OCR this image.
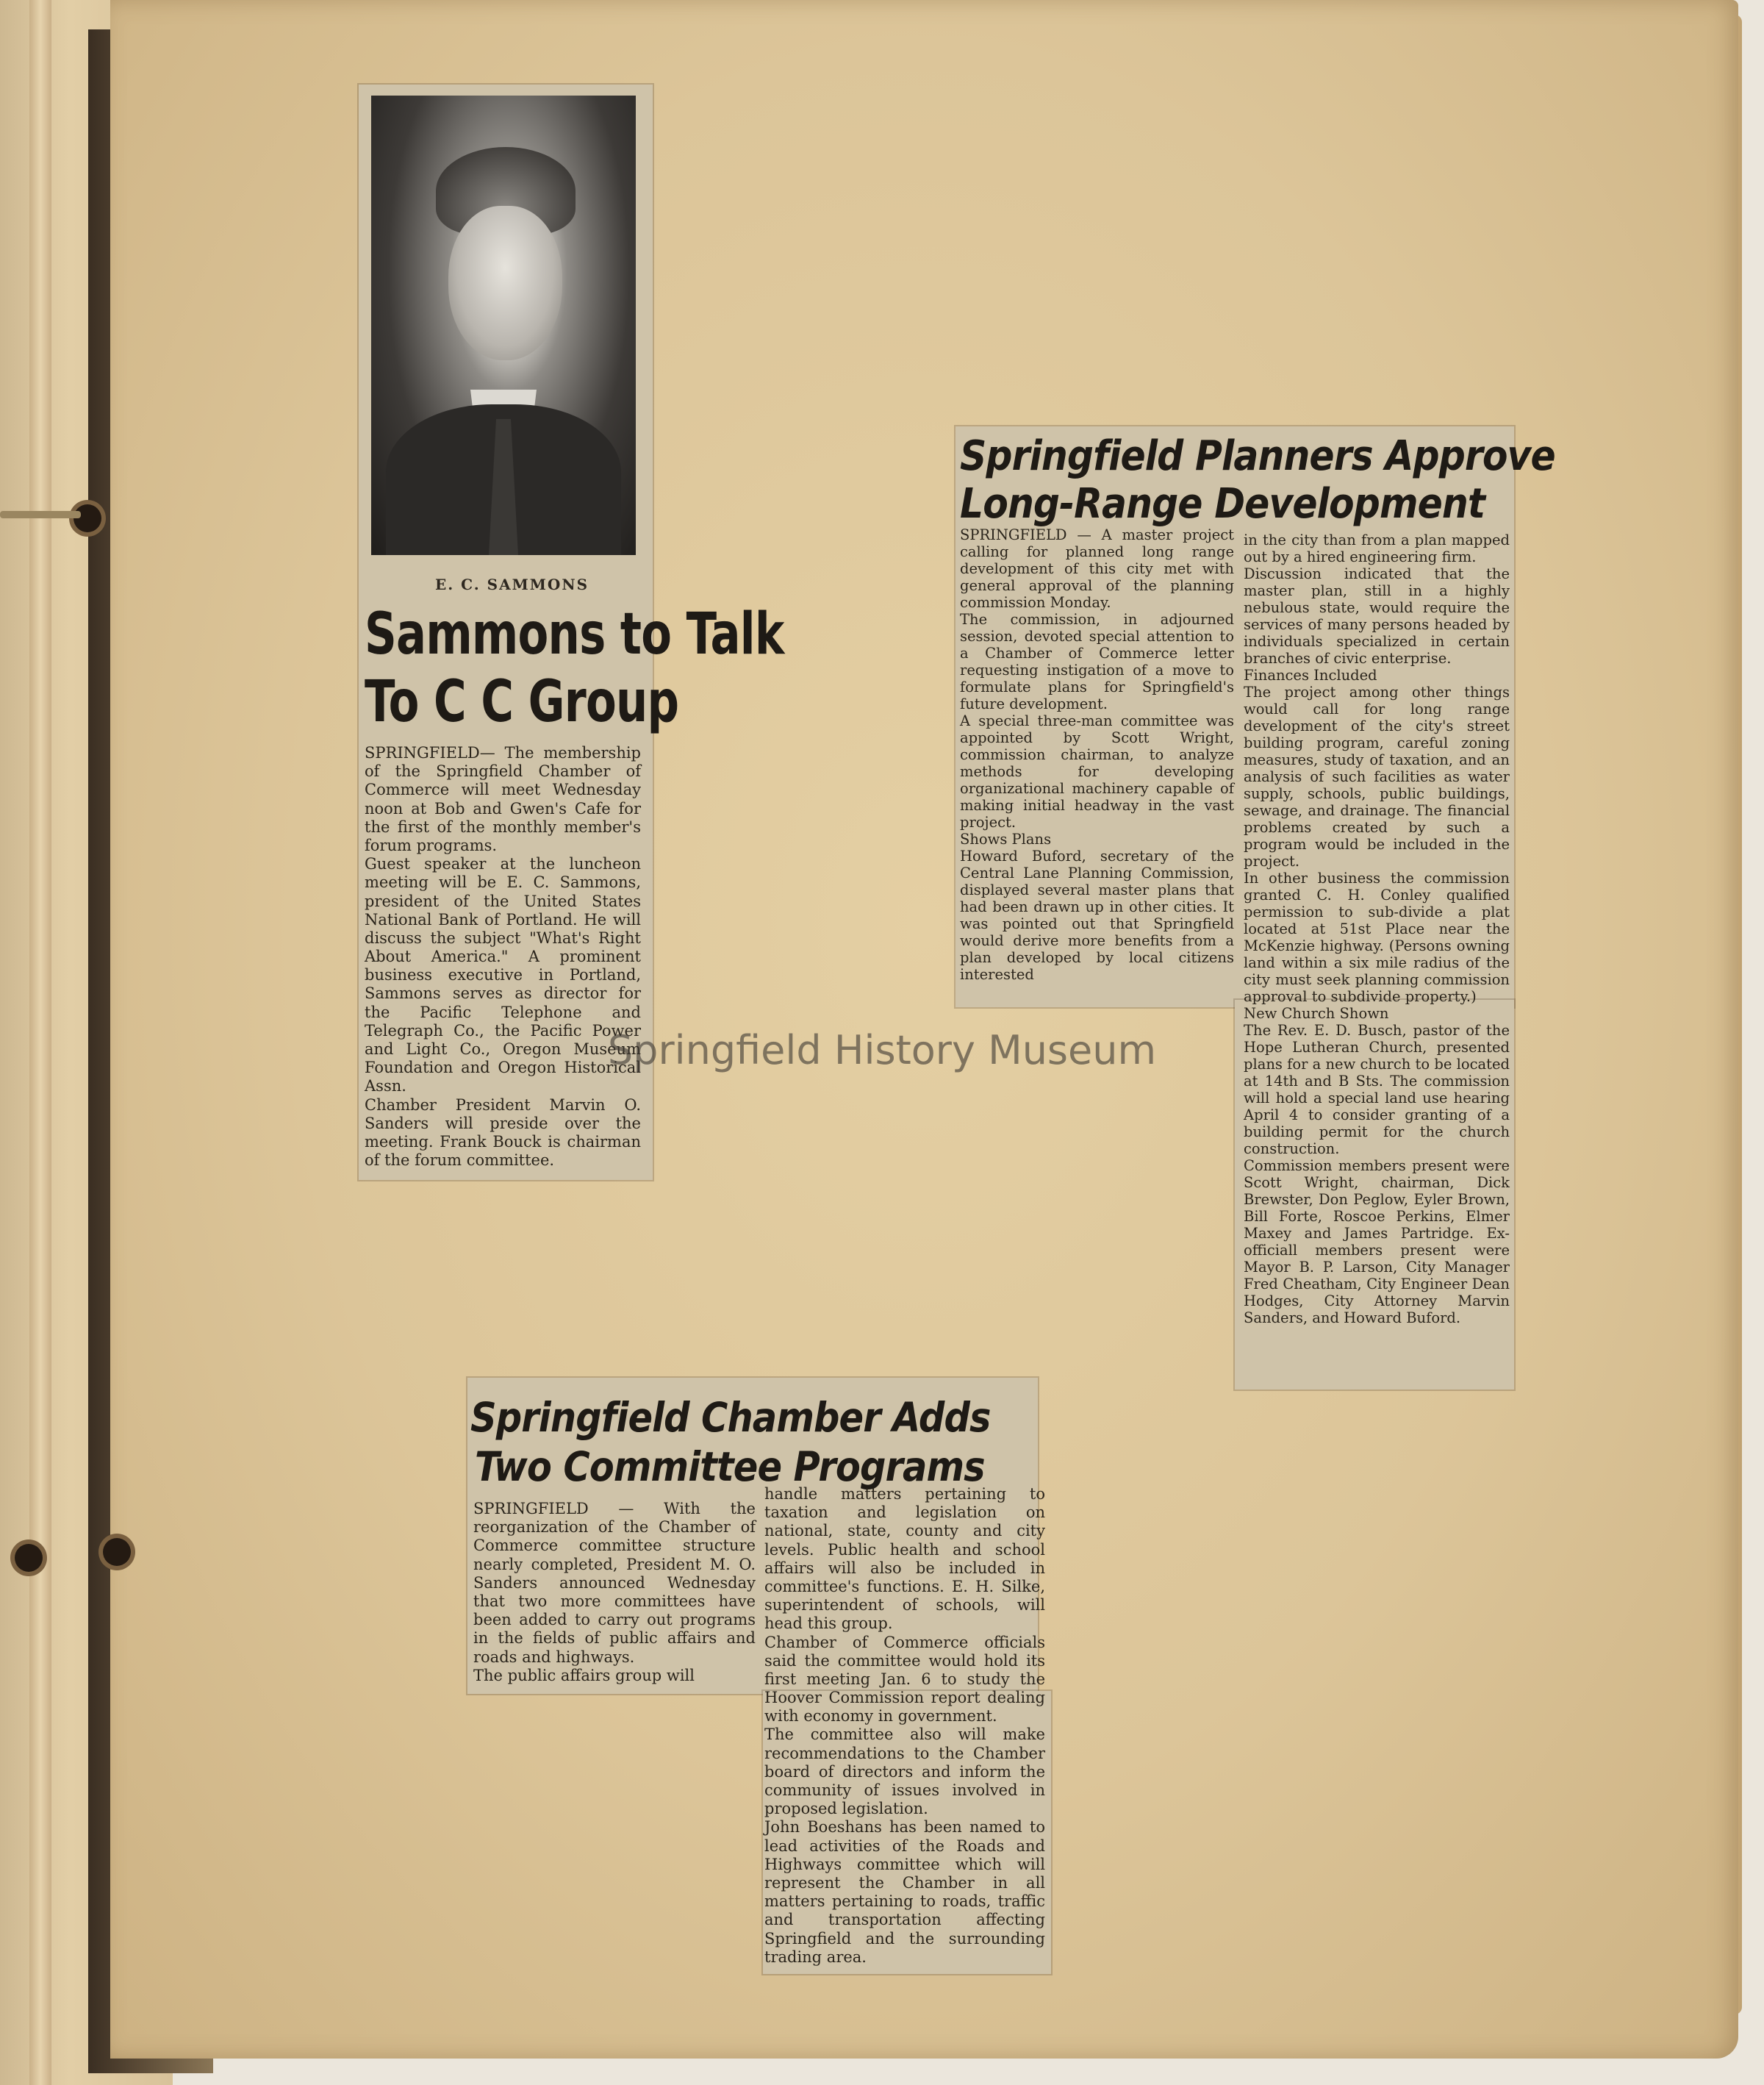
E. C. SAMMONS
Sammons to Talk
To C C Group
SPRINGFIELD— The membership of the Springfield Chamber of Commerce will meet Wednesday noon at Bob and Gwen's Cafe for the first of the monthly member's forum programs.
Guest speaker at the luncheon meeting will be E. C. Sammons, president of the United States National Bank of Portland. He will discuss the subject "What's Right About America." A prominent business executive in Portland, Sammons serves as director for the Pacific Telephone and Telegraph Co., the Pacific Power and Light Co., Oregon Museum Foundation and Oregon Historical Assn.
Chamber President Marvin O. Sanders will preside over the meeting. Frank Bouck is chairman of the forum committee.
Springfield Planners Approve
Long-Range Development
SPRINGFIELD — A master project calling for planned long range development of this city met with general approval of the planning commission Monday.
The commission, in adjourned session, devoted special attention to a Chamber of Commerce letter requesting instigation of a move to formulate plans for Springfield's future development.
A special three-man committee was appointed by Scott Wright, commission chairman, to analyze methods for developing organizational machinery capable of making initial headway in the vast project.
Shows Plans
Howard Buford, secretary of the Central Lane Planning Commission, displayed several master plans that had been drawn up in other cities. It was pointed out that Springfield would derive more benefits from a plan developed by local citizens interested
in the city than from a plan mapped out by a hired engineering firm.
Discussion indicated that the master plan, still in a highly nebulous state, would require the services of many persons headed by individuals specialized in certain branches of civic enterprise.
Finances Included
The project among other things would call for long range development of the city's street building program, careful zoning measures, study of taxation, and an analysis of such facilities as water supply, schools, public buildings, sewage, and drainage. The financial problems created by such a program would be included in the project.
In other business the commission granted C. H. Conley qualified permission to sub-divide a plat located at 51st Place near the McKenzie highway. (Persons owning land within a six mile radius of the city must seek planning commission approval to subdivide property.)
New Church Shown
The Rev. E. D. Busch, pastor of the Hope Lutheran Church, presented plans for a new church to be located at 14th and B Sts. The commission will hold a special land use hearing April 4 to consider granting of a building permit for the church construction.
Commission members present were Scott Wright, chairman, Dick Brewster, Don Peglow, Eyler Brown, Bill Forte, Roscoe Perkins, Elmer Maxey and James Partridge. Ex-officiall members present were Mayor B. P. Larson, City Manager Fred Cheatham, City Engineer Dean Hodges, City Attorney Marvin Sanders, and Howard Buford.
Springfield Chamber Adds
Two Committee Programs
SPRINGFIELD — With the reorganization of the Chamber of Commerce committee structure nearly completed, President M. O. Sanders announced Wednesday that two more committees have been added to carry out programs in the fields of public affairs and roads and highways.
The public affairs group will
handle matters pertaining to taxation and legislation on national, state, county and city levels. Public health and school affairs will also be included in committee's functions. E. H. Silke, superintendent of schools, will head this group.
Chamber of Commerce officials said the committee would hold its first meeting Jan. 6 to study the Hoover Commission report dealing with economy in government.
The committee also will make recommendations to the Chamber board of directors and inform the community of issues involved in proposed legislation.
John Boeshans has been named to lead activities of the Roads and Highways committee which will represent the Chamber in all matters pertaining to roads, traffic and transportation affecting Springfield and the surrounding trading area.
Springfield History Museum
